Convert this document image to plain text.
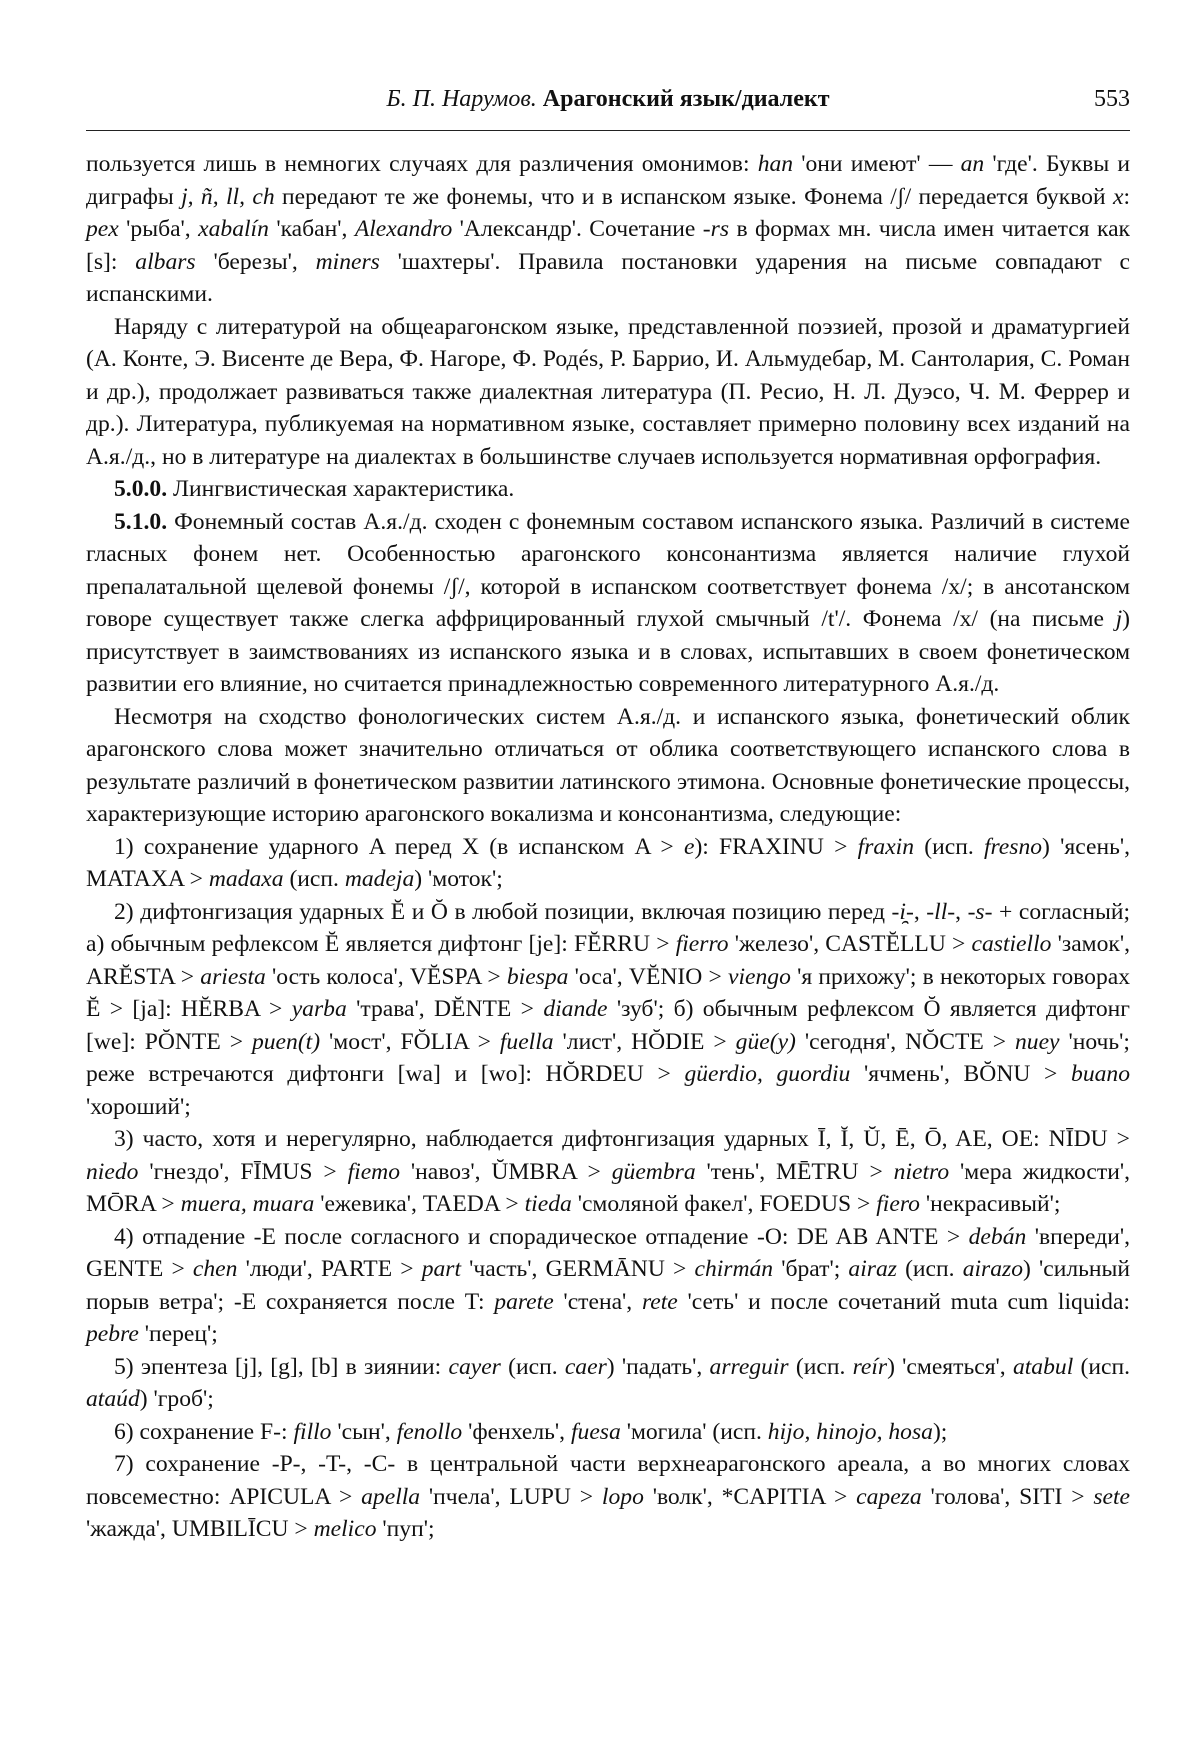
Б. П. Нарумов. Арагонский язык/диалект	553

пользуется лишь в немногих случаях для различения омонимов: han 'они имеют' — an 'где'. Буквы и диграфы j, ñ, ll, ch передают те же фонемы, что и в испанском языке. Фонема /ʃ/ передается буквой x: pex 'рыба', xabalín 'кабан', Alexandro 'Александр'. Сочетание -rs в формах мн. числа имен читается как [s]: albars 'березы', miners 'шахтеры'. Правила постановки ударения на письме совпадают с испанскими.

Наряду с литературой на общеарагонском языке, представленной поэзией, прозой и драматургией (А. Конте, Э. Висенте де Вера, Ф. Нагоре, Ф. Родés, Р. Баррио, И. Альмудебар, М. Сантолария, С. Роман и др.), продолжает развиваться также диалектная литература (П. Ресио, Н. Л. Дуэсо, Ч. М. Феррер и др.). Литература, публикуемая на нормативном языке, составляет примерно половину всех изданий на А.я./д., но в литературе на диалектах в большинстве случаев используется нормативная орфография.

5.0.0. Лингвистическая характеристика.

5.1.0. Фонемный состав А.я./д. сходен с фонемным составом испанского языка. Различий в системе гласных фонем нет. Особенностью арагонского консонантизма является наличие глухой препалатальной щелевой фонемы /ʃ/, которой в испанском соответствует фонема /x/; в ансотанском говоре существует также слегка аффрицированный глухой смычный /t'/. Фонема /x/ (на письме j) присутствует в заимствованиях из испанского языка и в словах, испытавших в своем фонетическом развитии его влияние, но считается принадлежностью современного литературного А.я./д.

Несмотря на сходство фонологических систем А.я./д. и испанского языка, фонетический облик арагонского слова может значительно отличаться от облика соответствующего испанского слова в результате различий в фонетическом развитии латинского этимона. Основные фонетические процессы, характеризующие историю арагонского вокализма и консонантизма, следующие:

1) сохранение ударного A перед X (в испанском A > e): FRAXINU > fraxin (исп. fresno) 'ясень', MATAXA > madaxa (исп. madeja) 'моток';

2) дифтонгизация ударных Ĕ и Ŏ в любой позиции, включая позицию перед -i̯-, -ll-, -s- + согласный; а) обычным рефлексом Ĕ является дифтонг [je]: FĔRRU > fierro 'железо', CASTĔLLU > castiello 'замок', ARĔSTA > ariesta 'ость колоса', VĔSPA > biespa 'оса', VĔNIO > viengo 'я прихожу'; в некоторых говорах Ĕ > [ja]: HĔRBA > yarba 'трава', DĔNTE > diande 'зуб'; б) обычным рефлексом Ŏ является дифтонг [we]: PŎNTE > puen(t) 'мост', FŎLIA > fuella 'лист', HŎDIE > güe(y) 'сегодня', NŎCTE > nuey 'ночь'; реже встречаются дифтонги [wa] и [wo]: HŎRDEU > güerdio, guordiu 'ячмень', BŎNU > buano 'хороший';

3) часто, хотя и нерегулярно, наблюдается дифтонгизация ударных Ī, Ĭ, Ŭ, Ē, Ō, AE, OE: NĪDU > niedo 'гнездо', FĪMUS > fiemo 'навоз', ŬMBRA > güembra 'тень', MĒTRU > nietro 'мера жидкости', MŌRA > muera, muara 'ежевика', TAEDA > tieda 'смоляной факел', FOEDUS > fiero 'некрасивый';

4) отпадение -E после согласного и спорадическое отпадение -O: DE AB ANTE > debán 'впереди', GENTE > chen 'люди', PARTE > part 'часть', GERMĀNU > chirmán 'брат'; airaz (исп. airazo) 'сильный порыв ветра'; -E сохраняется после T: parete 'стена', rete 'сеть' и после сочетаний muta cum liquida: pebre 'перец';

5) эпентеза [j], [g], [b] в зиянии: cayer (исп. caer) 'падать', arreguir (исп. reír) 'смеяться', atabul (исп. ataúd) 'гроб';

6) сохранение F-: fillo 'сын', fenollo 'фенхель', fuesa 'могила' (исп. hijo, hinojo, hosa);

7) сохранение -P-, -T-, -C- в центральной части верхнеарагонского ареала, а во многих словах повсеместно: APICULA > apella 'пчела', LUPU > lopo 'волк', *CAPITIA > capeza 'голова', SITI > sete 'жажда', UMBILĪCU > melico 'пуп';
